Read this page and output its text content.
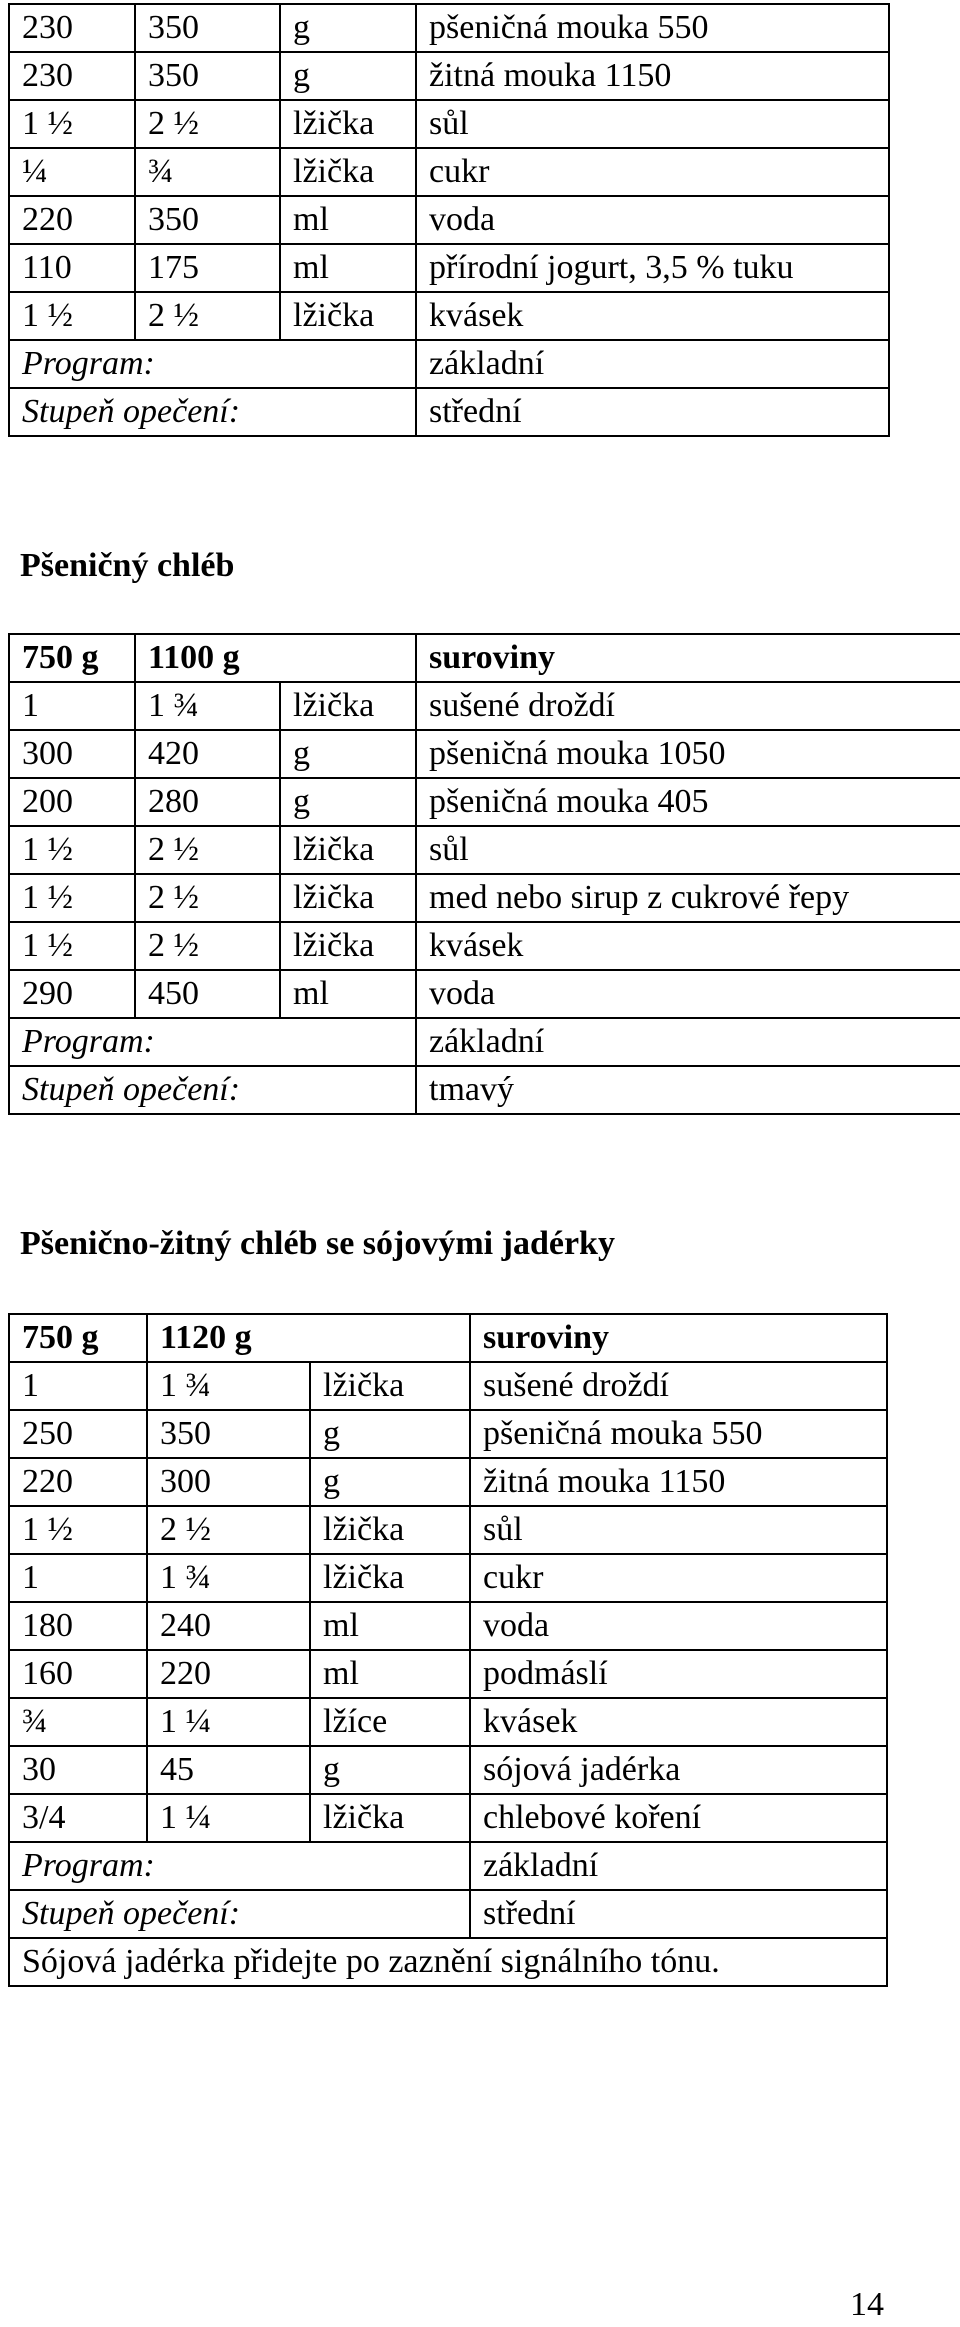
230	350	g	pšeničná mouka 550
230	350	g	žitná mouka 1150
1 ½	2 ½	lžička	sůl
¼	¾	lžička	cukr
220	350	ml	voda
110	175	ml	přírodní jogurt, 3,5 % tuku
1 ½	2 ½	lžička	kvásek
Program:			základní
Stupeň opečení:			střední
Pšeničný chléb
750 g	1100 g		suroviny
1	1 ¾	lžička	sušené droždí
300	420	g	pšeničná mouka 1050
200	280	g	pšeničná mouka 405
1 ½	2 ½	lžička	sůl
1 ½	2 ½	lžička	med nebo sirup z cukrové řepy
1 ½	2 ½	lžička	kvásek
290	450	ml	voda
Program:			základní
Stupeň opečení:			tmavý
Pšenično-žitný chléb se sójovými jadérky
750 g	1120 g		suroviny
1	1 ¾	lžička	sušené droždí
250	350	g	pšeničná mouka 550
220	300	g	žitná mouka 1150
1 ½	2 ½	lžička	sůl
1	1 ¾	lžička	cukr
180	240	ml	voda
160	220	ml	podmáslí
¾	1 ¼	lžíce	kvásek
30	45	g	sójová jadérka
3/4	1 ¼	lžička	chlebové koření
Program:			základní
Stupeň opečení:			střední
Sójová jadérka přidejte po zaznění signálního tónu.			
14
